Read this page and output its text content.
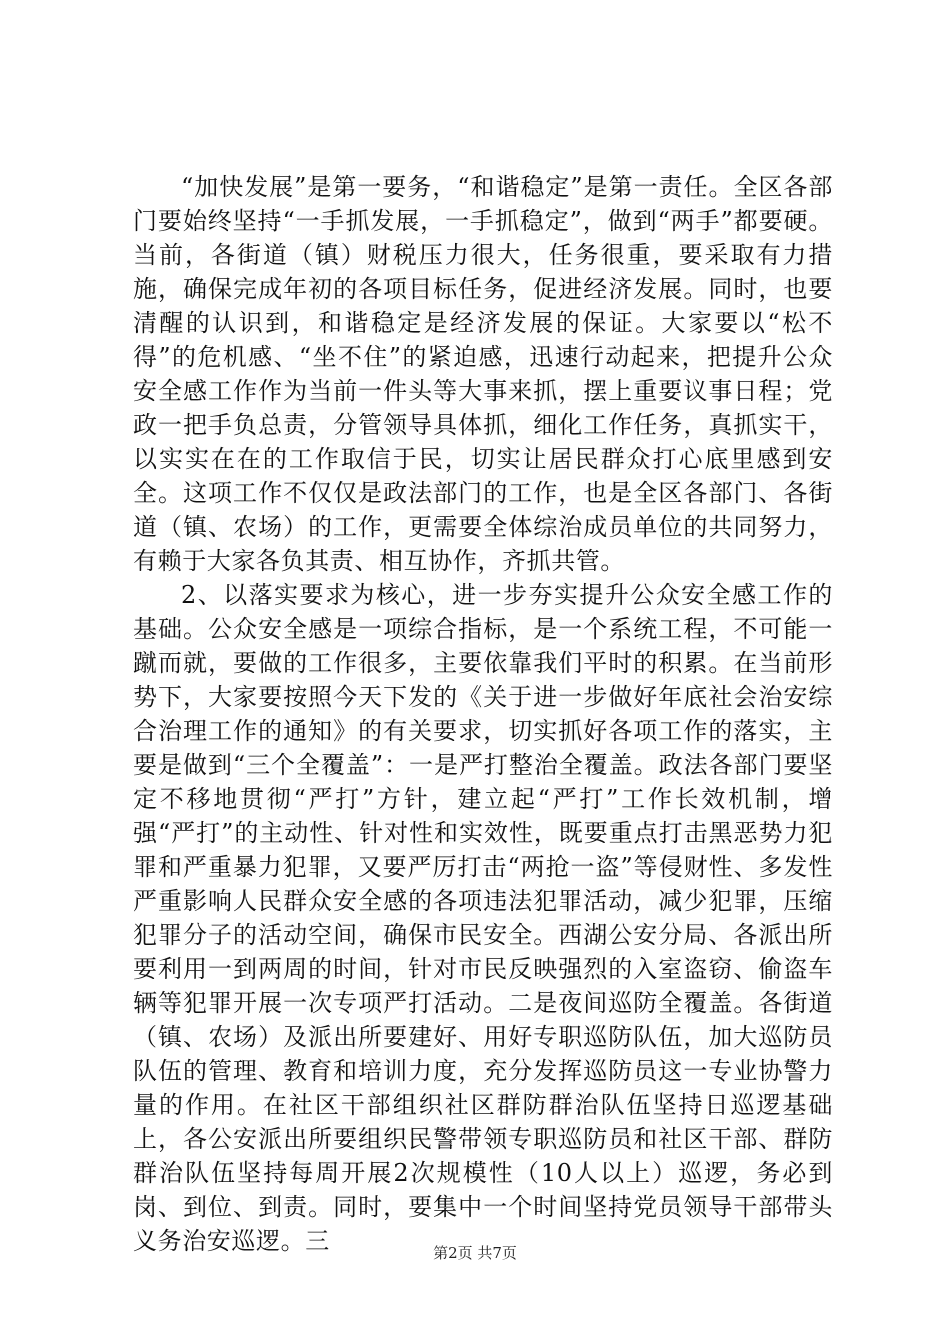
“加快发展”是第一要务，“和谐稳定”是第一责任。全区各部门要始终坚持“一手抓发展，一手抓稳定”，做到“两手”都要硬。当前，各街道（镇）财税压力很大，任务很重，要采取有力措施，确保完成年初的各项目标任务，促进经济发展。同时，也要清醒的认识到，和谐稳定是经济发展的保证。大家要以“松不得”的危机感、“坐不住”的紧迫感，迅速行动起来，把提升公众安全感工作作为当前一件头等大事来抓，摆上重要议事日程；党政一把手负总责，分管领导具体抓，细化工作任务，真抓实干，以实实在在的工作取信于民，切实让居民群众打心底里感到安全。这项工作不仅仅是政法部门的工作，也是全区各部门、各街道（镇、农场）的工作，更需要全体综治成员单位的共同努力，有赖于大家各负其责、相互协作，齐抓共管。

2、以落实要求为核心，进一步夯实提升公众安全感工作的基础。公众安全感是一项综合指标，是一个系统工程，不可能一蹴而就，要做的工作很多，主要依靠我们平时的积累。在当前形势下，大家要按照今天下发的《关于进一步做好年底社会治安综合治理工作的通知》的有关要求，切实抓好各项工作的落实，主要是做到“三个全覆盖”：一是严打整治全覆盖。政法各部门要坚定不移地贯彻“严打”方针，建立起“严打”工作长效机制，增强“严打”的主动性、针对性和实效性，既要重点打击黑恶势力犯罪和严重暴力犯罪，又要严厉打击“两抢一盗”等侵财性、多发性严重影响人民群众安全感的各项违法犯罪活动，减少犯罪，压缩犯罪分子的活动空间，确保市民安全。西湖公安分局、各派出所要利用一到两周的时间，针对市民反映强烈的入室盗窃、偷盗车辆等犯罪开展一次专项严打活动。二是夜间巡防全覆盖。各街道（镇、农场）及派出所要建好、用好专职巡防队伍，加大巡防员队伍的管理、教育和培训力度，充分发挥巡防员这一专业协警力量的作用。在社区干部组织社区群防群治队伍坚持日巡逻基础上，各公安派出所要组织民警带领专职巡防员和社区干部、群防群治队伍坚持每周开展2次规模性（10人以上）巡逻，务必到岗、到位、到责。同时，要集中一个时间坚持党员领导干部带头义务治安巡逻。三	第2页 共7页
